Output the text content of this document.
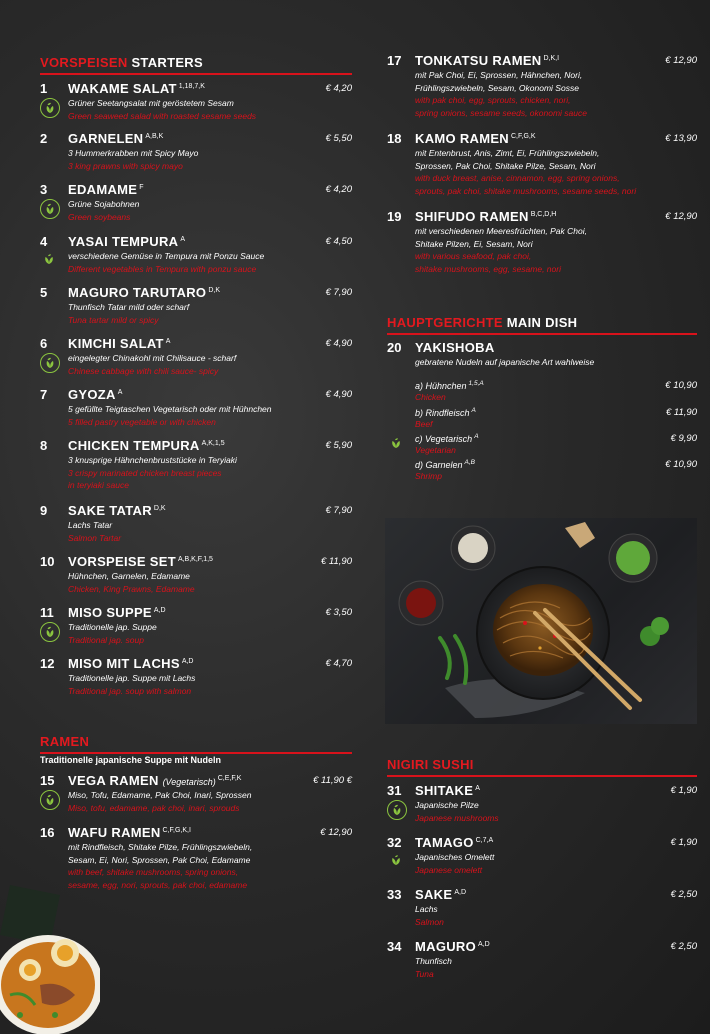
VORSPEISEN STARTERS
1 WAKAME SALAT $^{1,18,7,K}$	€ 4,20
Grüner Seetangsalat mit geröstetem Sesam
Green seaweed salad with roasted sesame seeds
2 GARNELEN $^{A,B,K}$	€ 5,50
3 Hummerkrabben mit Spicy Mayo
3 king prawns with spicy mayo
3 EDAMAME $^F$	€ 4,20
Grüne Sojabohnen
Green soybeans
4 YASAI TEMPURA $^A$	€ 4,50
verschiedene Gemüse in Tempura mit Ponzu Sauce
Different vegetables in Tempura with ponzu sauce
5 MAGURO TARUTARO $^{D,K}$	€ 7,90
Thunfisch Tatar mild oder scharf
Tuna tartar mild or spicy
6 KIMCHI SALAT $^A$	€ 4,90
eingelegter Chinakohl mit Chilisauce - scharf
Chinese cabbage with chili sauce- spicy
7 GYOZA $^A$	€ 4,90
5 gefüllte Teigtaschen Vegetarisch oder mit Hühnchen
5 filled pastry vegetable or with chicken
8 CHICKEN TEMPURA $^{A,K,1,5}$	€ 5,90
3 knusprige Hähnchenbruststücke in Teryiaki
3 crispy marinated chicken breast pieces
in teryiaki sauce
9 SAKE TATAR $^{D,K}$	€ 7,90
Lachs Tatar
Salmon Tartar
10 VORSPEISE SET $^{A,B,K,F,1,5}$	€ 11,90
Hühnchen, Garnelen, Edamame
Chicken, King Prawns, Edamame
11 MISO SUPPE $^{A,D}$	€ 3,50
Traditionelle jap. Suppe
Traditional jap. soup
12 MISO MIT LACHS $^{A,D}$	€ 4,70
Traditionelle jap. Suppe mit Lachs
Traditional jap. soup with salmon
RAMEN
Traditionelle japanische Suppe mit Nudeln
15 VEGA RAMEN (Vegetarisch) $^{C,E,F,K}$	€ 11,90 €
Miso, Tofu, Edamame, Pak Choi, Inari, Sprossen
Miso, tofu, edamame, pak choi, inari, sprouds
16 WAFU RAMEN $^{C,F,G,K,I}$	€ 12,90
mit Rindfleisch, Shitake Pilze, Frühlingszwiebeln,
Sesam, Ei, Nori, Sprossen, Pak Choi, Edamame
with beef, shitake mushrooms, spring onions,
sesame, egg, nori, sprouts, pak choi, edamame
17 TONKATSU RAMEN $^{D,K,I}$	€ 12,90
mit Pak Choi, Ei, Sprossen, Hähnchen, Nori,
Frühlingszwiebeln, Sesam, Okonomi Sosse
with pak choi, egg, sprouts, chicken, nori,
spring onions, sesame seeds, okonomi sauce
18 KAMO RAMEN $^{C,F,G,K}$	€ 13,90
mit Entenbrust, Anis, Zimt, Ei, Frühlingszwiebeln,
Sprossen, Pak Choi, Shitake Pilze, Sesam, Nori
with duck breast, anise, cinnamon, egg, spring onions,
sprouts, pak choi, shitake mushrooms, sesame seeds, nori
19 SHIFUDO RAMEN $^{B,C,D,H}$	€ 12,90
mit verschiedenen Meeresfrüchten, Pak Choi,
Shitake Pilzen, Ei, Sesam, Nori
with various seafood, pak choi,
shitake mushrooms, egg, sesame, nori
HAUPTGERICHTE MAIN DISH
20 YAKISHOBA
gebratene Nudeln auf japanische Art wahlweise
a) Hühnchen $^{1,5,A}$
Chicken
€ 10,90
b) Rindfleisch $^A$
Beef
€ 11,90
c) Vegetarisch $^A$
Vegetarian
€ 9,90
d) Garnelen $^{A,B}$
Shrimp
€ 10,90
NIGIRI SUSHI
31 SHITAKE $^A$	€ 1,90
Japanische Pilze
Japanese mushrooms
32 TAMAGO $^{C,7,A}$	€ 1,90
Japanisches Omelett
Japanese omelett
33 SAKE $^{A,D}$	€ 2,50
Lachs
Salmon
34 MAGURO $^{A,D}$	€ 2,50
Thunfisch
Tuna
